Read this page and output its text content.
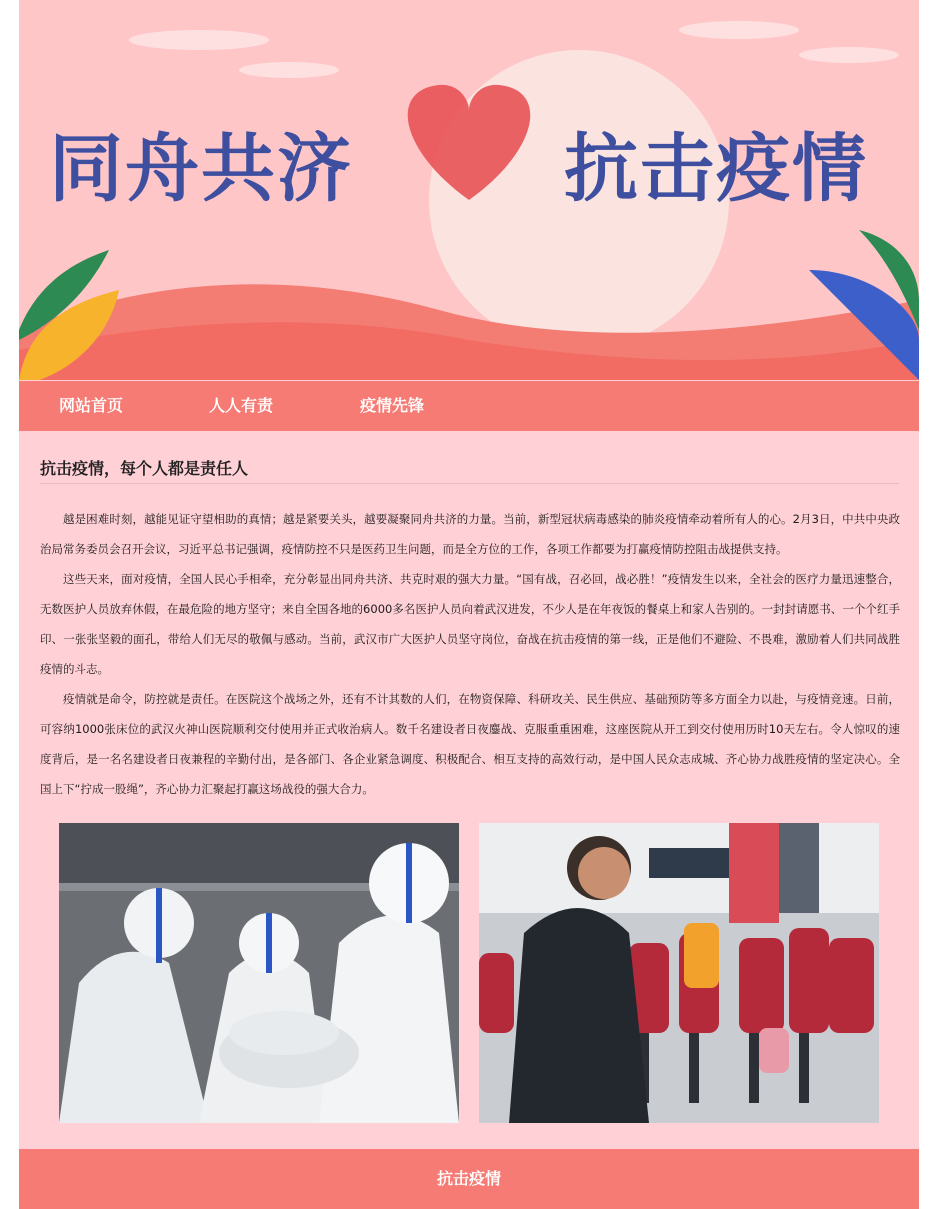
同舟共济	抗击疫情
网站首页	人人有责	疫情先锋
抗击疫情，每个人都是责任人

越是困难时刻，越能见证守望相助的真情；越是紧要关头，越要凝聚同舟共济的力量。当前，新型冠状病毒感染的肺炎疫情牵动着所有人的心。2月3日，中共中央政治局常务委员会召开会议，习近平总书记强调，疫情防控不只是医药卫生问题，而是全方位的工作，各项工作都要为打赢疫情防控阻击战提供支持。

这些天来，面对疫情，全国人民心手相牵，充分彰显出同舟共济、共克时艰的强大力量。“国有战，召必回，战必胜！”疫情发生以来，全社会的医疗力量迅速整合，无数医护人员放弃休假，在最危险的地方坚守；来自全国各地的6000多名医护人员向着武汉进发，不少人是在年夜饭的餐桌上和家人告别的。一封封请愿书、一个个红手印、一张张坚毅的面孔，带给人们无尽的敬佩与感动。当前，武汉市广大医护人员坚守岗位，奋战在抗击疫情的第一线，正是他们不避险、不畏难，激励着人们共同战胜疫情的斗志。

疫情就是命令，防控就是责任。在医院这个战场之外，还有不计其数的人们，在物资保障、科研攻关、民生供应、基础预防等多方面全力以赴，与疫情竞速。日前，可容纳1000张床位的武汉火神山医院顺利交付使用并正式收治病人。数千名建设者日夜鏖战、克服重重困难，这座医院从开工到交付使用历时10天左右。令人惊叹的速度背后，是一名名建设者日夜兼程的辛勤付出，是各部门、各企业紧急调度、积极配合、相互支持的高效行动，是中国人民众志成城、齐心协力战胜疫情的坚定决心。全国上下“拧成一股绳”，齐心协力汇聚起打赢这场战役的强大合力。

抗击疫情
